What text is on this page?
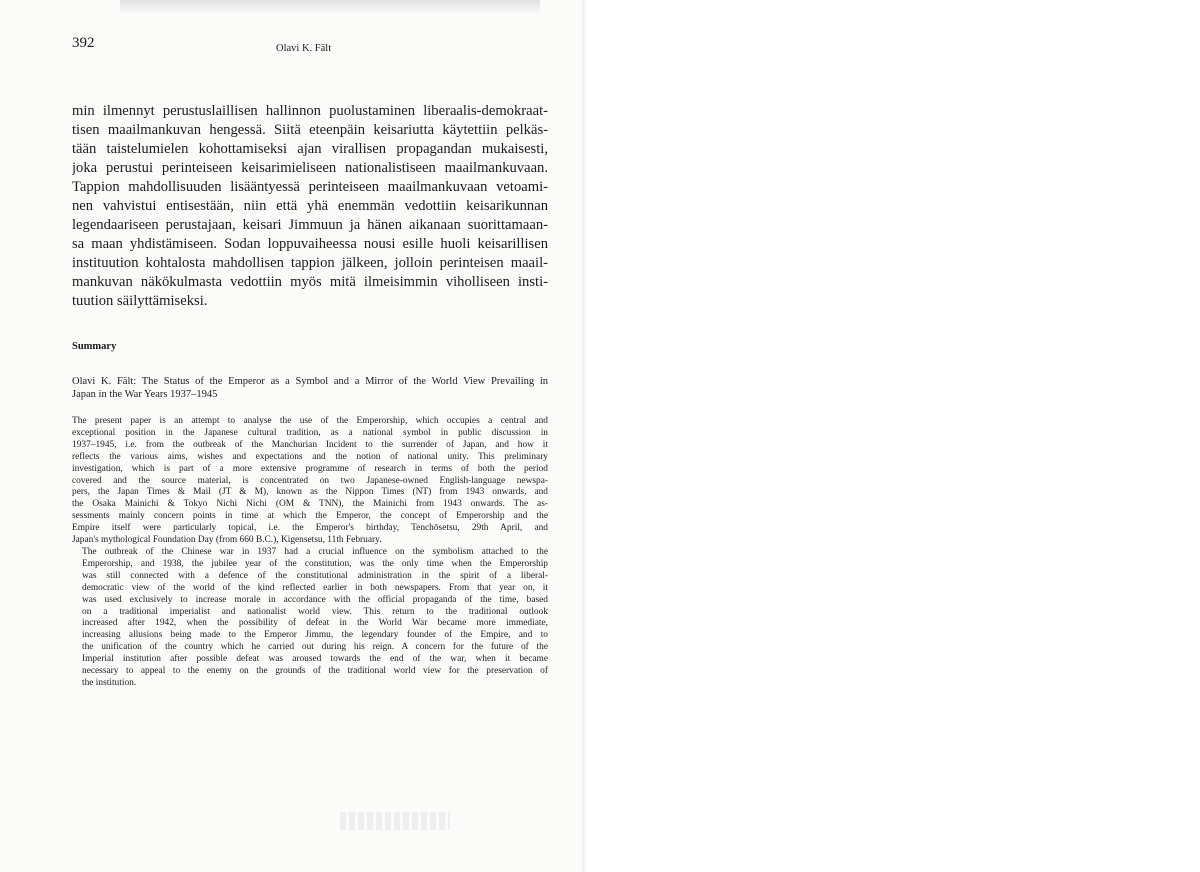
392	Olavi K. Fält

min ilmennyt perustuslaillisen hallinnon puolustaminen liberaalis-demokraat-
tisen maailmankuvan hengessä. Siitä eteenpäin keisariutta käytettiin pelkäs-
tään taistelumielen kohottamiseksi ajan virallisen propagandan mukaisesti,
joka perustui perinteiseen keisarimieliseen nationalistiseen maailmankuvaan.
Tappion mahdollisuuden lisääntyessä perinteiseen maailmankuvaan vetoami-
nen vahvistui entisestään, niin että yhä enemmän vedottiin keisarikunnan
legendaariseen perustajaan, keisari Jimmuun ja hänen aikanaan suorittamaan-
sa maan yhdistämiseen. Sodan loppuvaiheessa nousi esille huoli keisarillisen
instituution kohtalosta mahdollisen tappion jälkeen, jolloin perinteisen maail-
mankuvan näkökulmasta vedottiin myös mitä ilmeisimmin viholliseen insti-
tuution säilyttämiseksi.

Summary

Olavi K. Fält: The Status of the Emperor as a Symbol and a Mirror of the World View Prevailing in
Japan in the War Years 1937–1945

The present paper is an attempt to analyse the use of the Emperorship, which occupies a central and
exceptional position in the Japanese cultural tradition, as a national symbol in public discussion in
1937–1945, i.e. from the outbreak of the Manchurian Incident to the surrender of Japan, and how it
reflects the various aims, wishes and expectations and the notion of national unity. This preliminary
investigation, which is part of a more extensive programme of research in terms of both the period
covered and the source material, is concentrated on two Japanese-owned English-language newspa-
pers, the Japan Times & Mail (JT & M), known as the Nippon Times (NT) from 1943 onwards, and
the Osaka Mainichi & Tokyo Nichi Nichi (OM & TNN), the Mainichi from 1943 onwards. The as-
sessments mainly concern points in time at which the Emperor, the concept of Emperorship and the
Empire itself were particularly topical, i.e. the Emperor's birthday, Tenchōsetsu, 29th April, and
Japan's mythological Foundation Day (from 660 B.C.), Kigensetsu, 11th February.

The outbreak of the Chinese war in 1937 had a crucial influence on the symbolism attached to the
Emperorship, and 1938, the jubilee year of the constitution, was the only time when the Emperorship
was still connected with a defence of the constitutional administration in the spirit of a liberal-
democratic view of the world of the kind reflected earlier in both newspapers. From that year on, it
was used exclusively to increase morale in accordance with the official propaganda of the time, based
on a traditional imperialist and nationalist world view. This return to the traditional outlook
increased after 1942, when the possibility of defeat in the World War became more immediate,
increasing allusions being made to the Emperor Jimmu, the legendary founder of the Empire, and to
the unification of the country which he carried out during his reign. A concern for the future of the
Imperial institution after possible defeat was aroused towards the end of the war, when it became
necessary to appeal to the enemy on the grounds of the traditional world view for the preservation of
the institution.
